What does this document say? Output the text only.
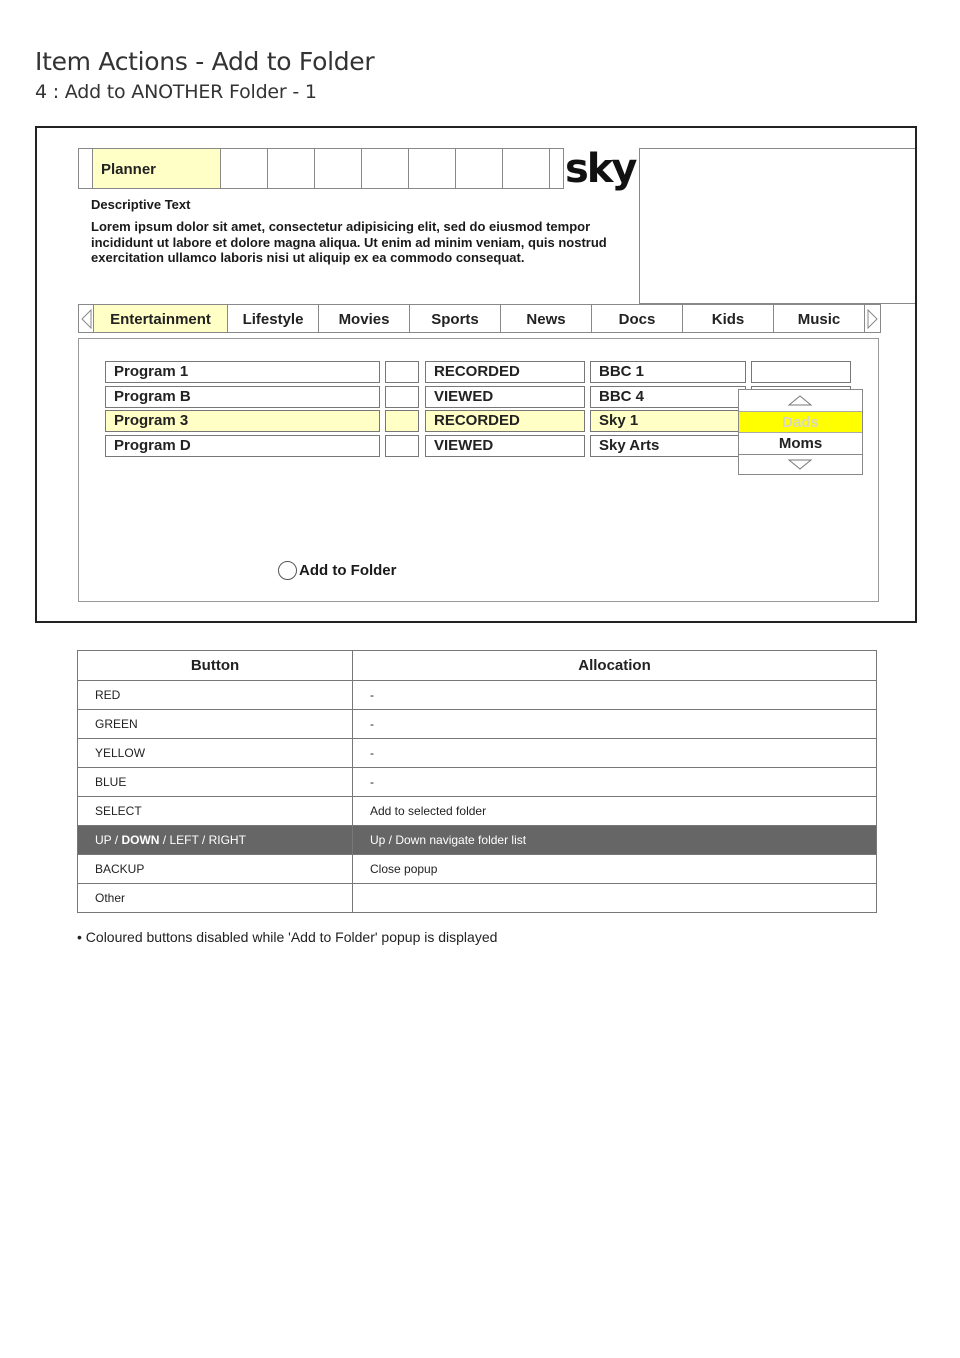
Item Actions - Add to Folder
4 : Add to ANOTHER Folder - 1
Planner	sky
Descriptive Text
Lorem ipsum dolor sit amet, consectetur adipisicing elit, sed do eiusmod tempor incididunt ut labore et dolore magna aliqua. Ut enim ad minim veniam, quis nostrud exercitation ullamco laboris nisi ut aliquip ex ea commodo consequat.
Entertainment	Lifestyle	Movies	Sports	News	Docs	Kids	Music
Program 1	RECORDED	BBC 1
Program B	VIEWED	BBC 4
Program 3	RECORDED	Sky 1
Program D	VIEWED	Sky Arts
Add to Folder
Dads
Moms
Button	Allocation
RED	-
GREEN	-
YELLOW	-
BLUE	-
SELECT	Add to selected folder
UP / DOWN / LEFT / RIGHT	Up / Down navigate folder list
BACKUP	Close popup
Other	
• Coloured buttons disabled while 'Add to Folder' popup is displayed
